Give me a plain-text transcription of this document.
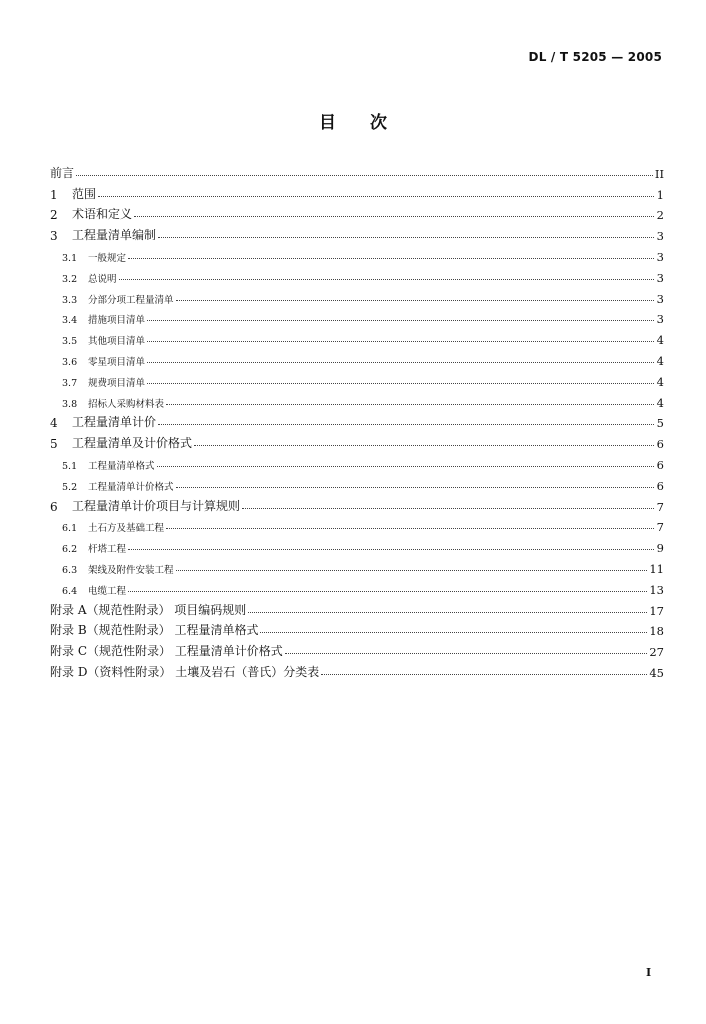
DL / T 5205 — 2005
目次
前言	II
1	范围	1
2	术语和定义	2
3	工程量清单编制	3
3.1	一般规定	3
3.2	总说明	3
3.3	分部分项工程量清单	3
3.4	措施项目清单	3
3.5	其他项目清单	4
3.6	零星项目清单	4
3.7	规费项目清单	4
3.8	招标人采购材料表	4
4	工程量清单计价	5
5	工程量清单及计价格式	6
5.1	工程量清单格式	6
5.2	工程量清单计价格式	6
6	工程量清单计价项目与计算规则	7
6.1	土石方及基础工程	7
6.2	杆塔工程	9
6.3	架线及附件安装工程	11
6.4	电缆工程	13
附录 A（规范性附录） 项目编码规则	17
附录 B（规范性附录） 工程量清单格式	18
附录 C（规范性附录） 工程量清单计价格式	27
附录 D（资料性附录） 土壤及岩石（普氏）分类表	45
I
